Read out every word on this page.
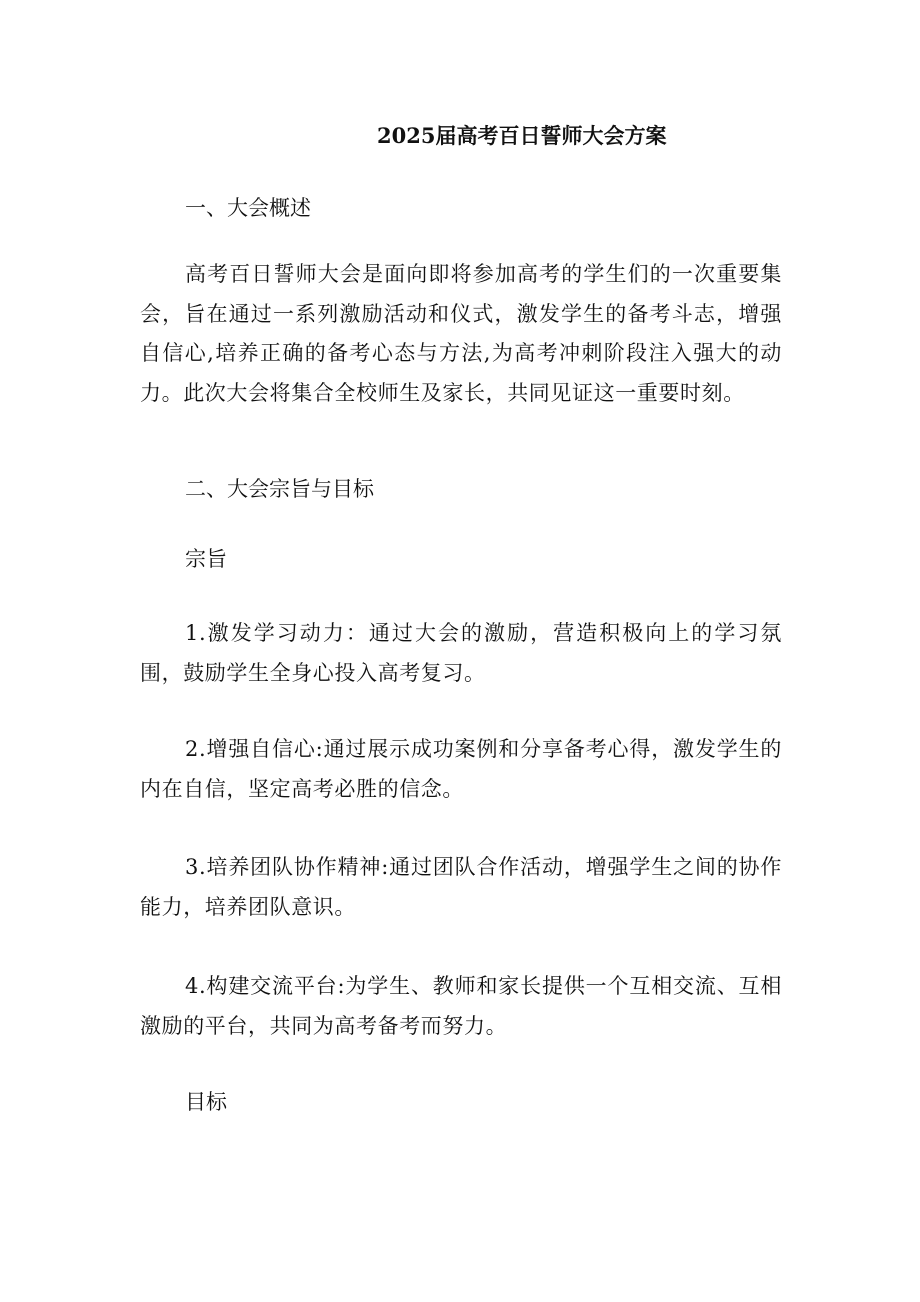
2025届高考百日誓师大会方案
一、大会概述
高考百日誓师大会是面向即将参加高考的学生们的一次重要集会，旨在通过一系列激励活动和仪式，激发学生的备考斗志，增强自信心,培养正确的备考心态与方法,为高考冲刺阶段注入强大的动力。此次大会将集合全校师生及家长，共同见证这一重要时刻。
二、大会宗旨与目标
宗旨
1.激发学习动力：通过大会的激励，营造积极向上的学习氛围，鼓励学生全身心投入高考复习。
2.增强自信心:通过展示成功案例和分享备考心得，激发学生的内在自信，坚定高考必胜的信念。
3.培养团队协作精神:通过团队合作活动，增强学生之间的协作能力，培养团队意识。
4.构建交流平台:为学生、教师和家长提供一个互相交流、互相激励的平台，共同为高考备考而努力。
目标
